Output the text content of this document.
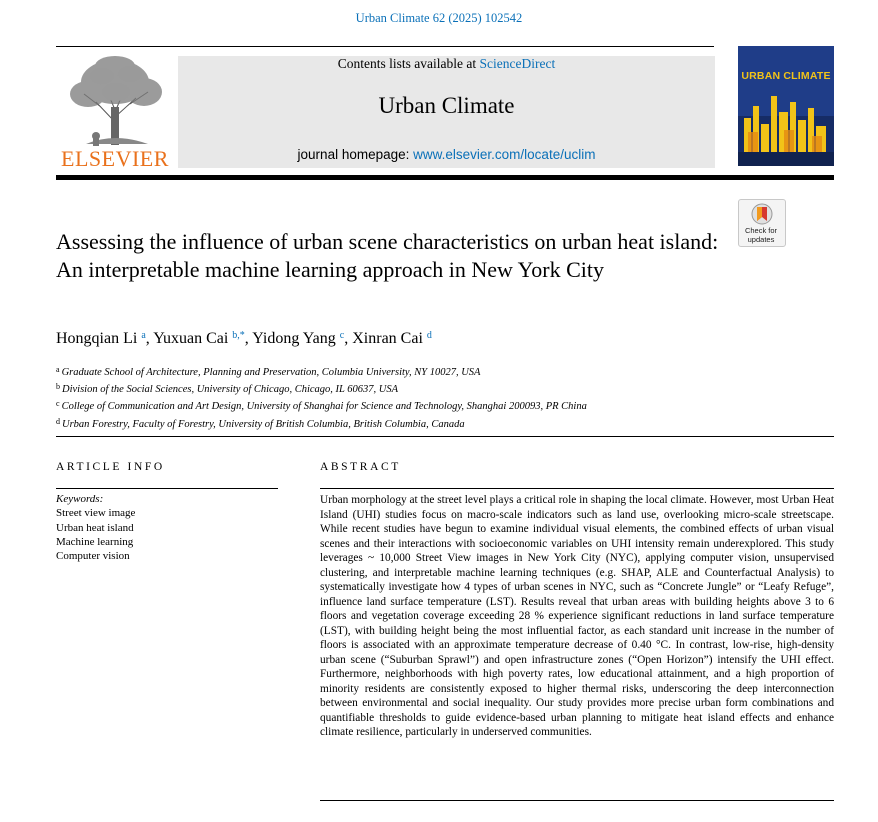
Urban Climate 62 (2025) 102542
ELSEVIER
Contents lists available at ScienceDirect
Urban Climate
journal homepage: www.elsevier.com/locate/uclim
URBAN CLIMATE
Check for updates
Assessing the influence of urban scene characteristics on urban heat island: An interpretable machine learning approach in New York City
Hongqian Li $^a$, Yuxuan Cai $^{b,*}$, Yidong Yang $^c$, Xinran Cai $^d$
$^a$ Graduate School of Architecture, Planning and Preservation, Columbia University, NY 10027, USA
$^b$ Division of the Social Sciences, University of Chicago, Chicago, IL 60637, USA
$^c$ College of Communication and Art Design, University of Shanghai for Science and Technology, Shanghai 200093, PR China
$^d$ Urban Forestry, Faculty of Forestry, University of British Columbia, British Columbia, Canada
ARTICLE INFO	ABSTRACT
Keywords:
Street view image
Urban heat island
Machine learning
Computer vision
Urban morphology at the street level plays a critical role in shaping the local climate. However, most Urban Heat Island (UHI) studies focus on macro-scale indicators such as land use, overlooking micro-scale streetscape. While recent studies have begun to examine individual visual elements, the combined effects of urban visual scenes and their interactions with socioeconomic variables on UHI intensity remain underexplored. This study leverages ~ 10,000 Street View images in New York City (NYC), applying computer vision, unsupervised clustering, and interpretable machine learning techniques (e.g. SHAP, ALE and Counterfactual Analysis) to systematically investigate how 4 types of urban scenes in NYC, such as “Concrete Jungle” or “Leafy Refuge”, influence land surface temperature (LST). Results reveal that urban areas with building heights above 3 to 6 floors and vegetation coverage exceeding 28 % experience significant reductions in land surface temperature (LST), with building height being the most influential factor, as each standard unit increase in the number of floors is associated with an approximate temperature decrease of 0.40 °C. In contrast, low-rise, high-density urban scene (“Suburban Sprawl”) and open infrastructure zones (“Open Horizon”) intensify the UHI effect. Furthermore, neighborhoods with high poverty rates, low educational attainment, and a high proportion of minority residents are consistently exposed to higher thermal risks, underscoring the deep interconnection between environmental and social inequality. Our study provides more precise urban form combinations and quantifiable thresholds to guide evidence-based urban planning to mitigate heat island effects and enhance climate resilience, particularly in underserved communities.
